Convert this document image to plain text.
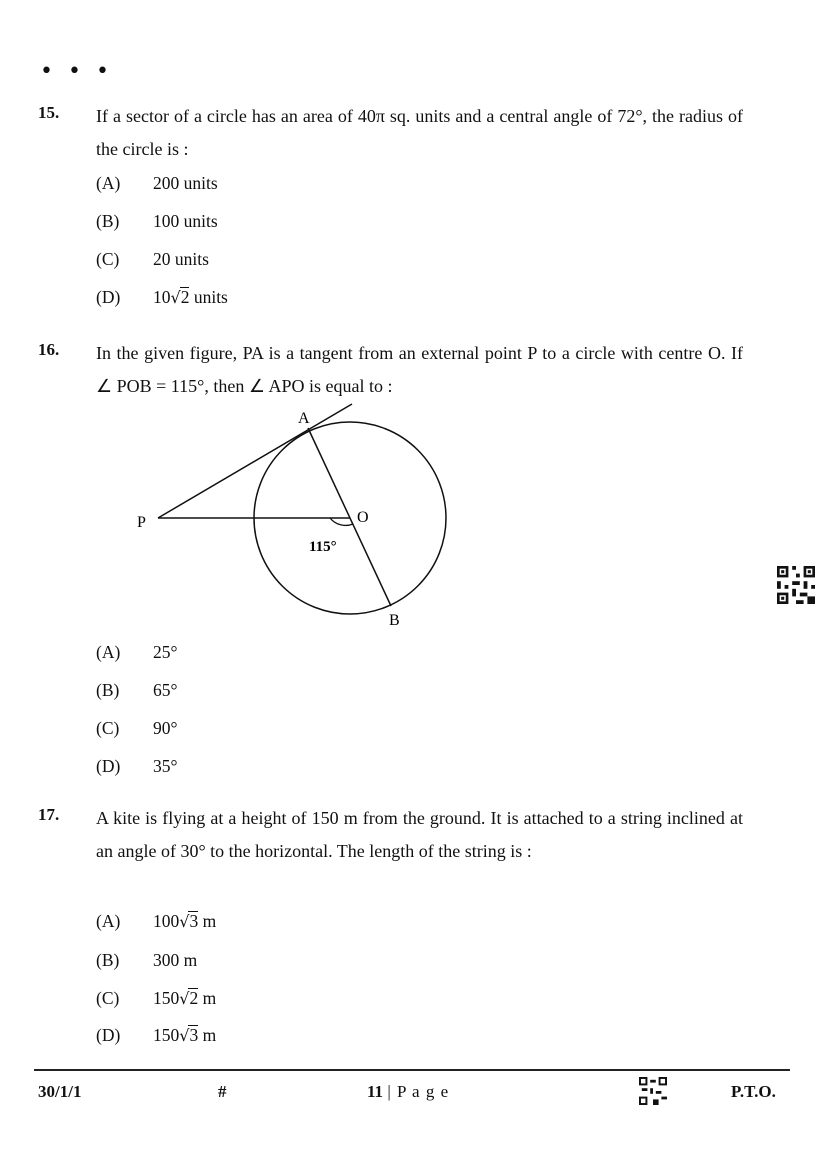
• • •
15. If a sector of a circle has an area of 40π sq. units and a central angle of 72°, the radius of the circle is :
(A) 200 units
(B) 100 units
(C) 20 units
(D) 10√2 units
16. In the given figure, PA is a tangent from an external point P to a circle with centre O. If ∠ POB = 115°, then ∠ APO is equal to :
(A) 25°
(B) 65°
(C) 90°
(D) 35°
A
O
P
B
115°
17. A kite is flying at a height of 150 m from the ground. It is attached to a string inclined at an angle of 30° to the horizontal. The length of the string is :
(A) 100√3 m
(B) 300 m
(C) 150√2 m
(D) 150√3 m
30/1/1	#	11 | P a g e	P.T.O.
